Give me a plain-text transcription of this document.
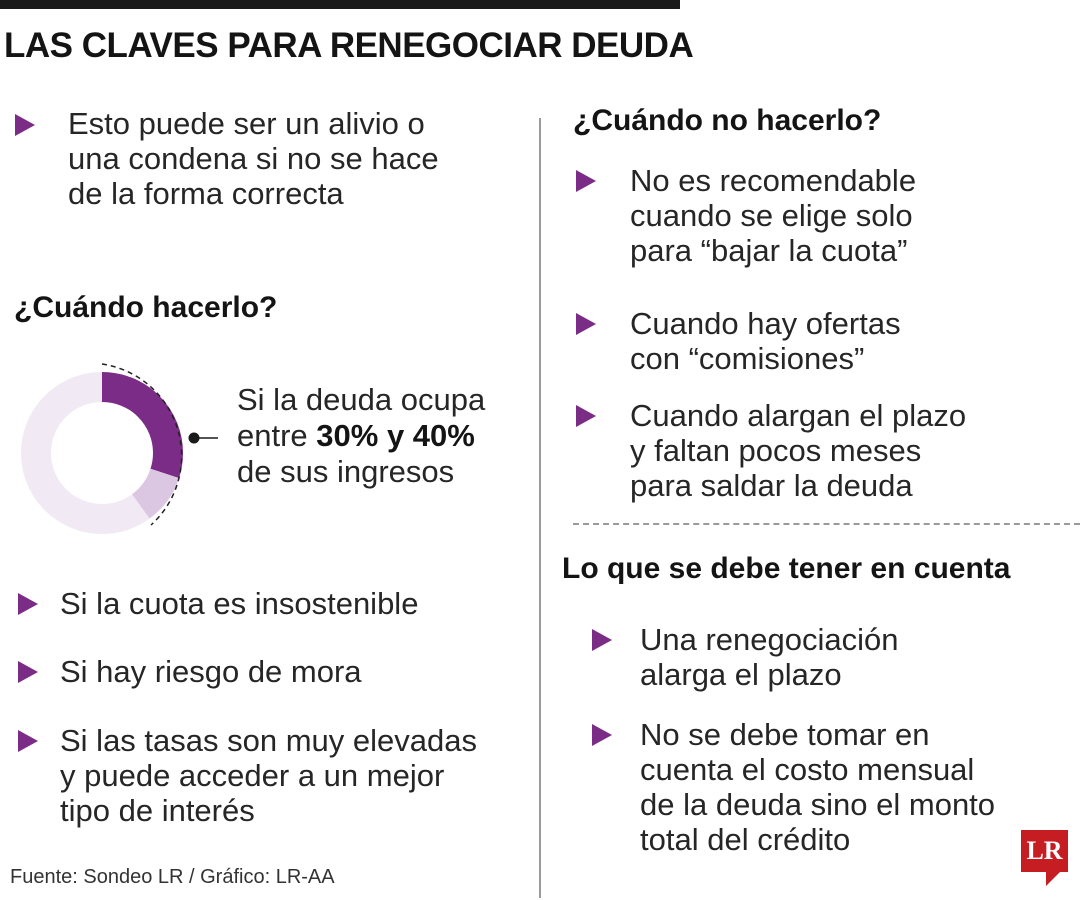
LAS CLAVES PARA RENEGOCIAR DEUDA
Esto puede ser un alivio o
una condena si no se hace
de la forma correcta
¿Cuándo hacerlo?
Si la deuda ocupa
entre 30% y 40%
de sus ingresos
Si la cuota es insostenible
Si hay riesgo de mora
Si las tasas son muy elevadas
y puede acceder a un mejor
tipo de interés
Fuente: Sondeo LR / Gráfico: LR-AA
¿Cuándo no hacerlo?
No es recomendable
cuando se elige solo
para “bajar la cuota”
Cuando hay ofertas
con “comisiones”
Cuando alargan el plazo
y faltan pocos meses
para saldar la deuda
Lo que se debe tener en cuenta
Una renegociación
alarga el plazo
No se debe tomar en
cuenta el costo mensual
de la deuda sino el monto
total del crédito	LR
